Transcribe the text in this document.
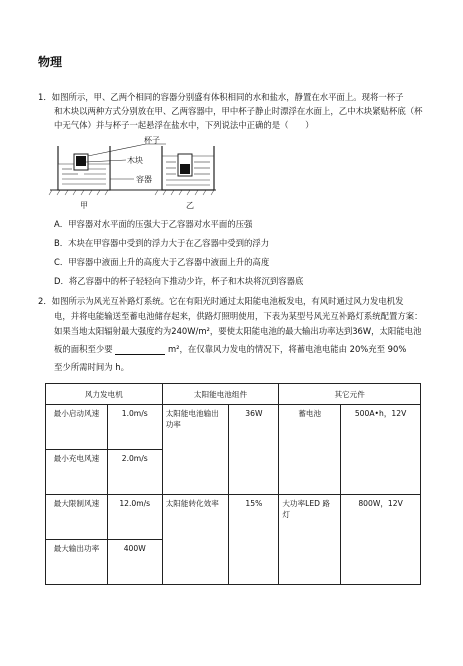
物理
1．如图所示，甲、乙两个相同的容器分别盛有体积相同的水和盐水，静置在水平面上。现将一杯子
和木块以两种方式分别放在甲、乙两容器中，甲中杯子静止时漂浮在水面上，乙中木块紧贴杯底（杯
中无气体）并与杯子一起悬浮在盐水中，下列说法中正确的是（　　）
杯子
木块
容器
甲	乙
A．甲容器对水平面的压强大于乙容器对水平面的压强
B．木块在甲容器中受到的浮力大于在乙容器中受到的浮力
C．甲容器中液面上升的高度大于乙容器中液面上升的高度
D．将乙容器中的杯子轻轻向下推动少许，杯子和木块将沉到容器底
2．如图所示为风光互补路灯系统。它在有阳光时通过太阳能电池板发电，有风时通过风力发电机发
电，并将电能输送至蓄电池储存起来，供路灯照明使用，下表为某型号风光互补路灯系统配置方案：
如果当地太阳辐射最大强度约为240W/m²，要使太阳能电池的最大输出功率达到36W，太阳能电池
板的面积至少要	m²，在仅靠风力发电的情况下，将蓄电池电能由 20%充至 90%
至少所需时间为 h。
风力发电机		太阳能电池组件		其它元件	
最小启动风速	1.0m/s	太阳能电池输出功率	36W	蓄电池	500A•h，12V
最小充电风速	2.0m/s				
最大限制风速	12.0m/s	太阳能转化效率	15%	大功率LED 路灯	800W，12V
最大输出功率	400W				
